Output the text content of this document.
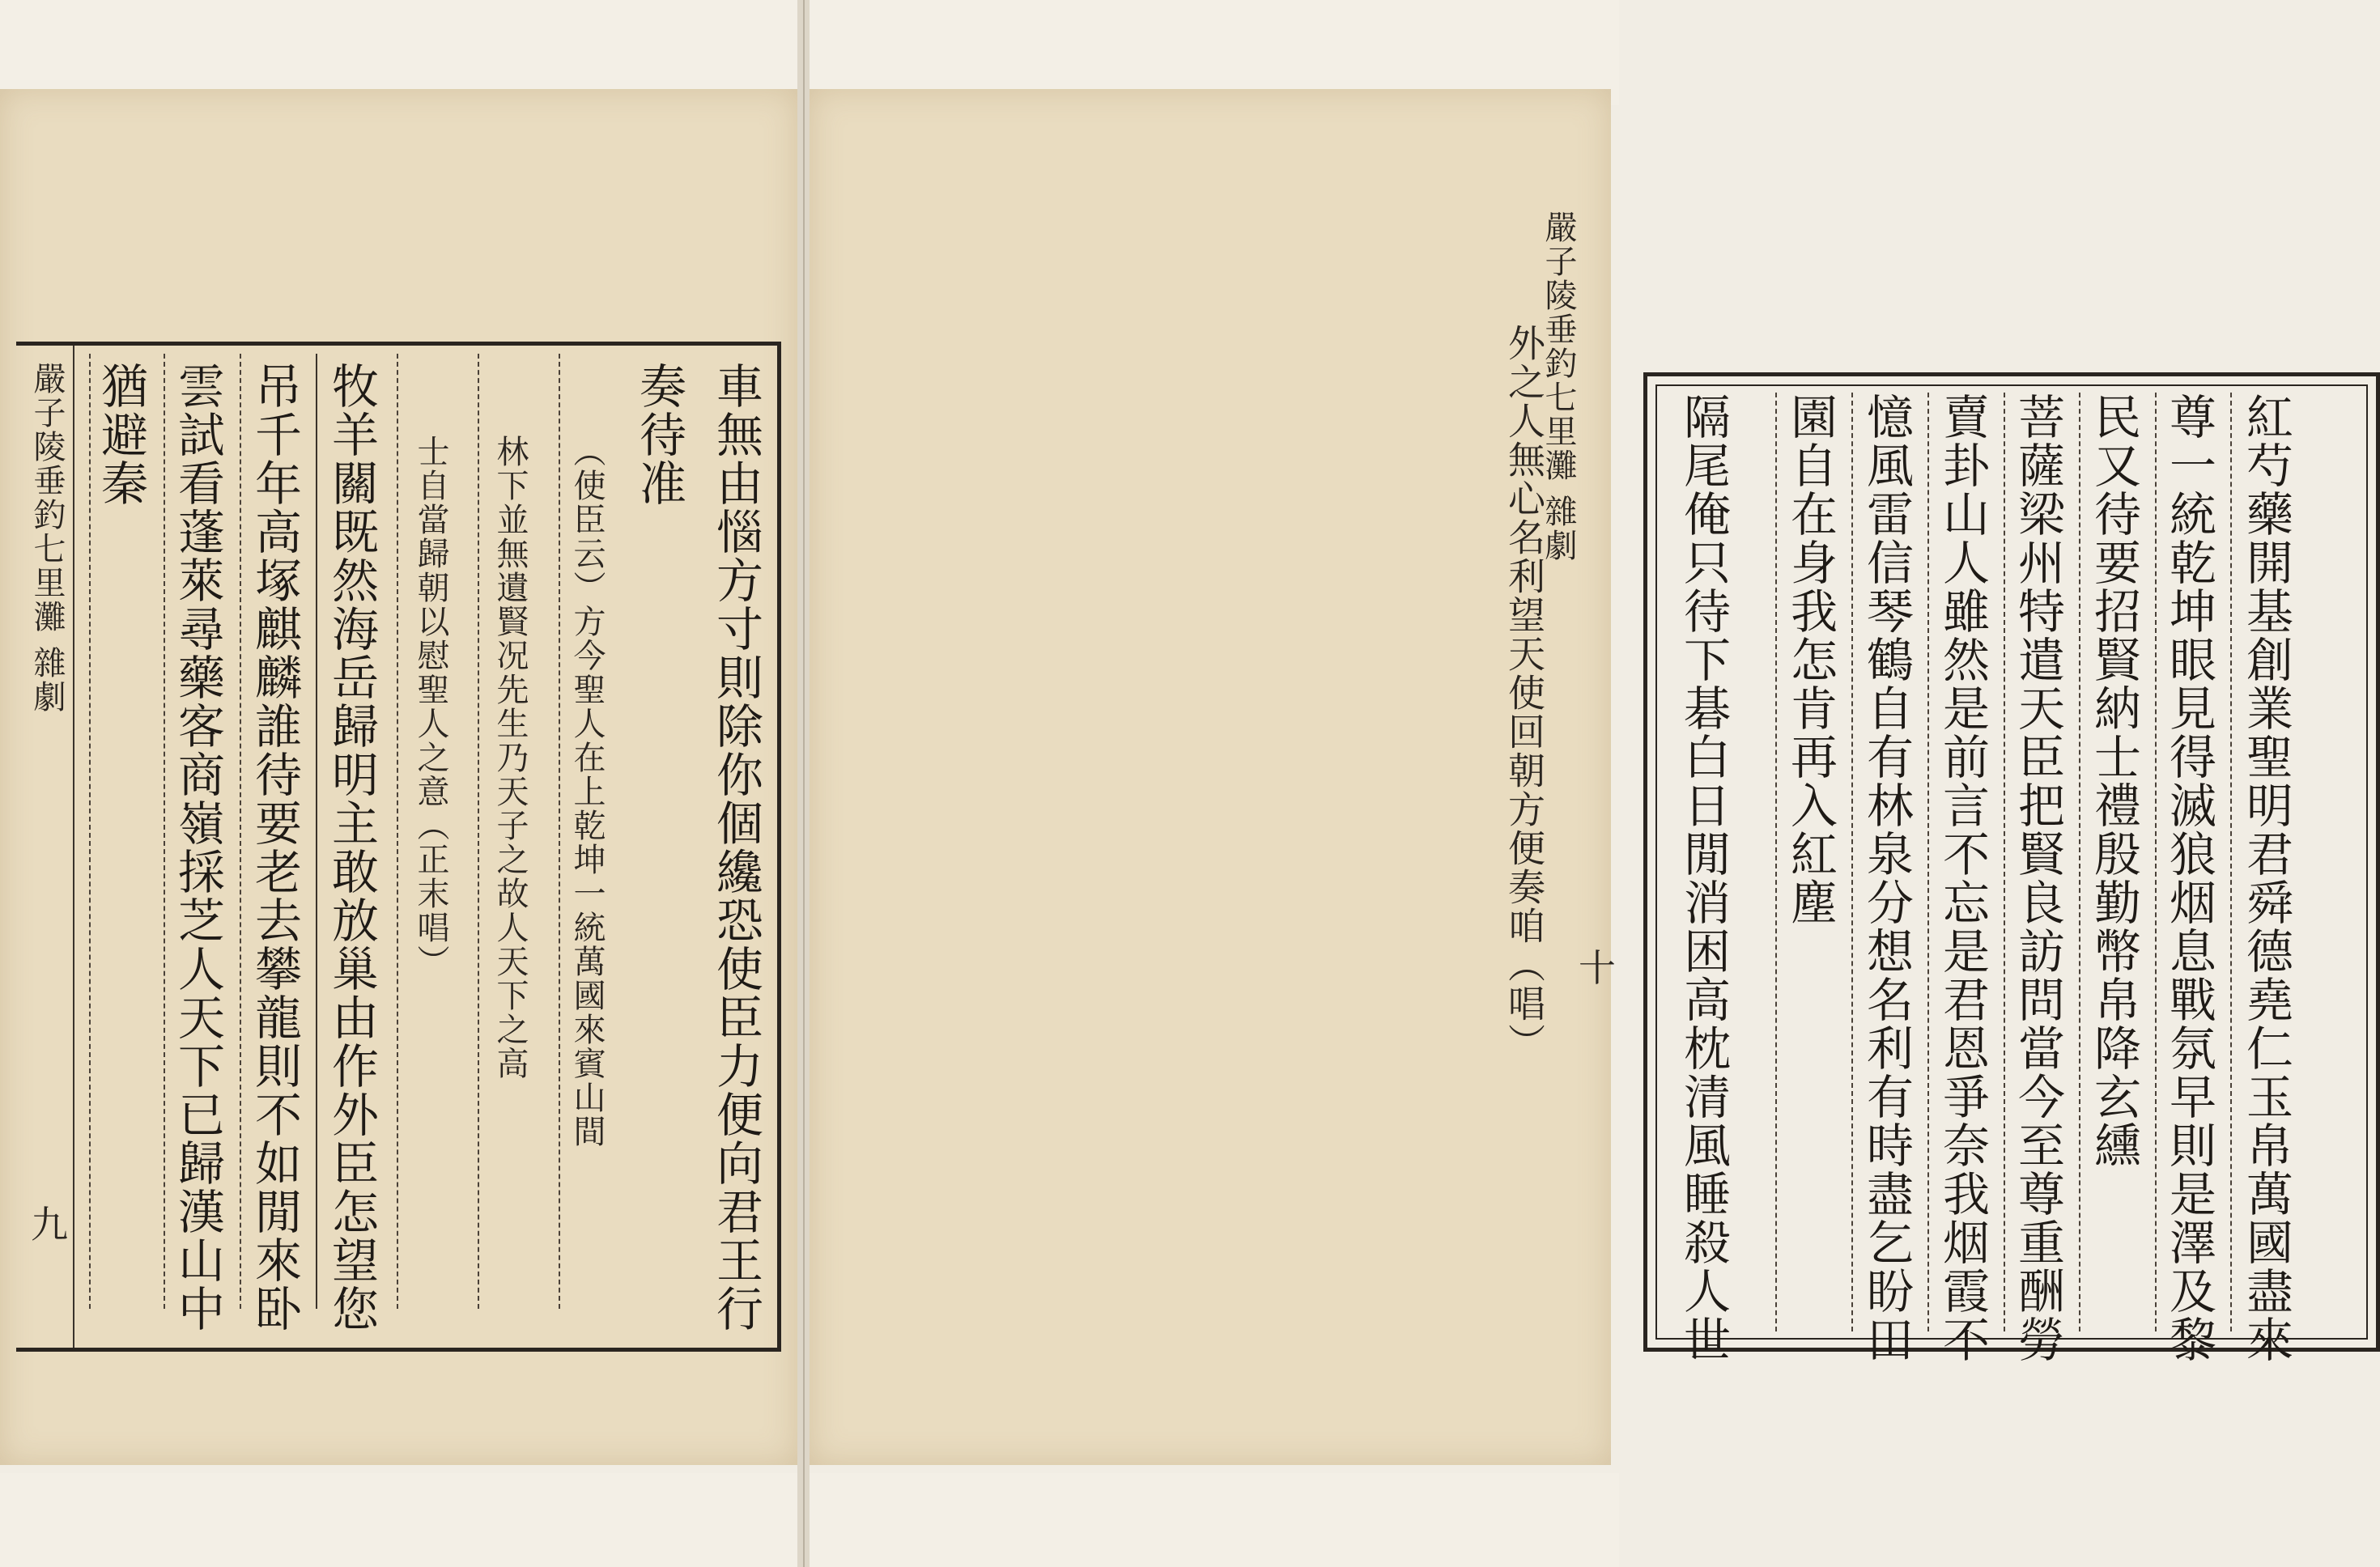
車無由惱方寸則除你個纔恐使臣力便向君王行
奏待准
（使臣云）方今聖人在上乾坤一統萬國來賓山間
林下並無遺賢况先生乃天子之故人天下之高
士自當歸朝以慰聖人之意（正末唱）
牧羊關既然海岳歸明主敢放巢由作外臣怎望您
吊千年高塚麒麟誰待要老去攀龍則不如閒來卧
雲試看蓬萊尋藥客商嶺採芝人天下已歸漢山中
猶避秦
嚴子陵垂釣七里灘 雜劇
九
嚴子陵垂釣七里灘 雜劇
外之人無心名利望天使回朝方便奏咱（唱） 十	紅芍藥開基創業聖明君舜德堯仁玉帛萬國盡來
尊一統乾坤眼見得滅狼烟息戰氛早則是澤及黎
民又待要招賢納士禮殷勤幣帛降玄纁
菩薩梁州特遣天臣把賢良訪問當今至尊重酬勞
賣卦山人雖然是前言不忘是君恩爭奈我烟霞不
憶風雷信琴鶴自有林泉分想名利有時盡乞盼田
園自在身我怎肯再入紅塵
隔尾俺只待下碁白日閒消困高枕清風睡殺人世
